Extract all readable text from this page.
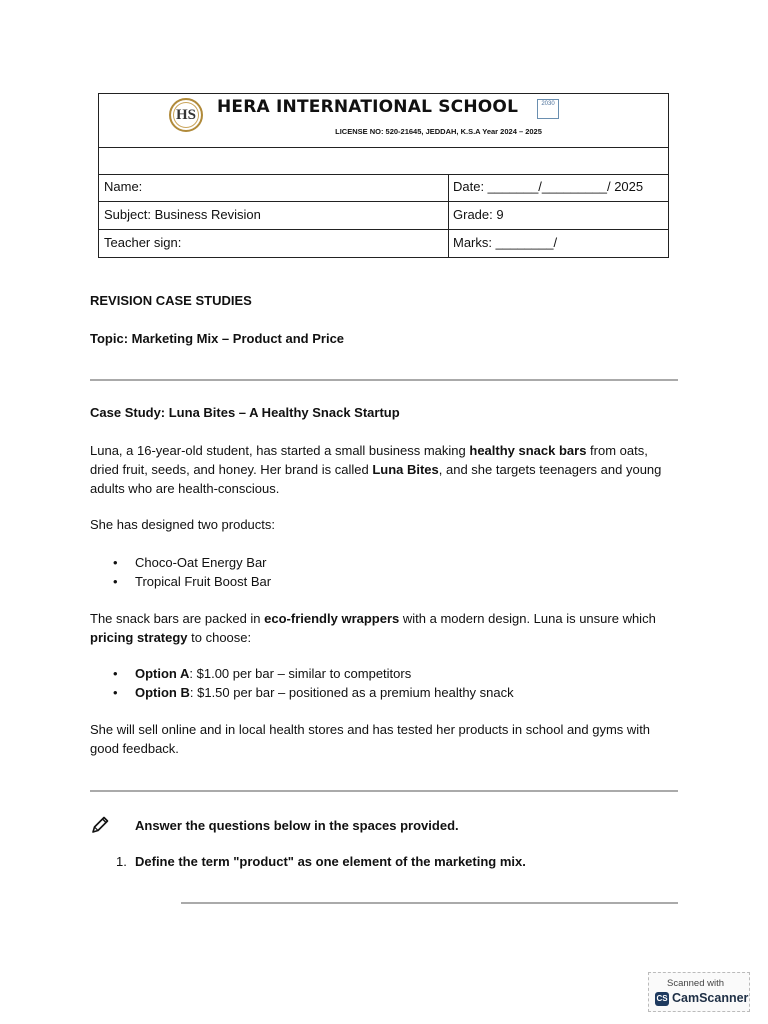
HS	HERA INTERNATIONAL SCHOOL
LICENSE NO: 520-21645, JEDDAH, K.S.A Year 2024 – 2025
2030
Name:	Date: _______/_________/ 2025
Subject: Business Revision	Grade: 9
Teacher sign:	Marks: ________/
REVISION CASE STUDIES
Topic: Marketing Mix – Product and Price
Case Study: Luna Bites – A Healthy Snack Startup
Luna, a 16-year-old student, has started a small business making healthy snack bars from oats, dried fruit, seeds, and honey. Her brand is called Luna Bites, and she targets teenagers and young adults who are health-conscious.
She has designed two products:
• Choco-Oat Energy Bar
• Tropical Fruit Boost Bar
The snack bars are packed in eco-friendly wrappers with a modern design. Luna is unsure which pricing strategy to choose:
• Option A: $1.00 per bar – similar to competitors
• Option B: $1.50 per bar – positioned as a premium healthy snack
She will sell online and in local health stores and has tested her products in school and gyms with good feedback.
Answer the questions below in the spaces provided.
1. Define the term "product" as one element of the marketing mix.
Scanned with
CS CamScanner
